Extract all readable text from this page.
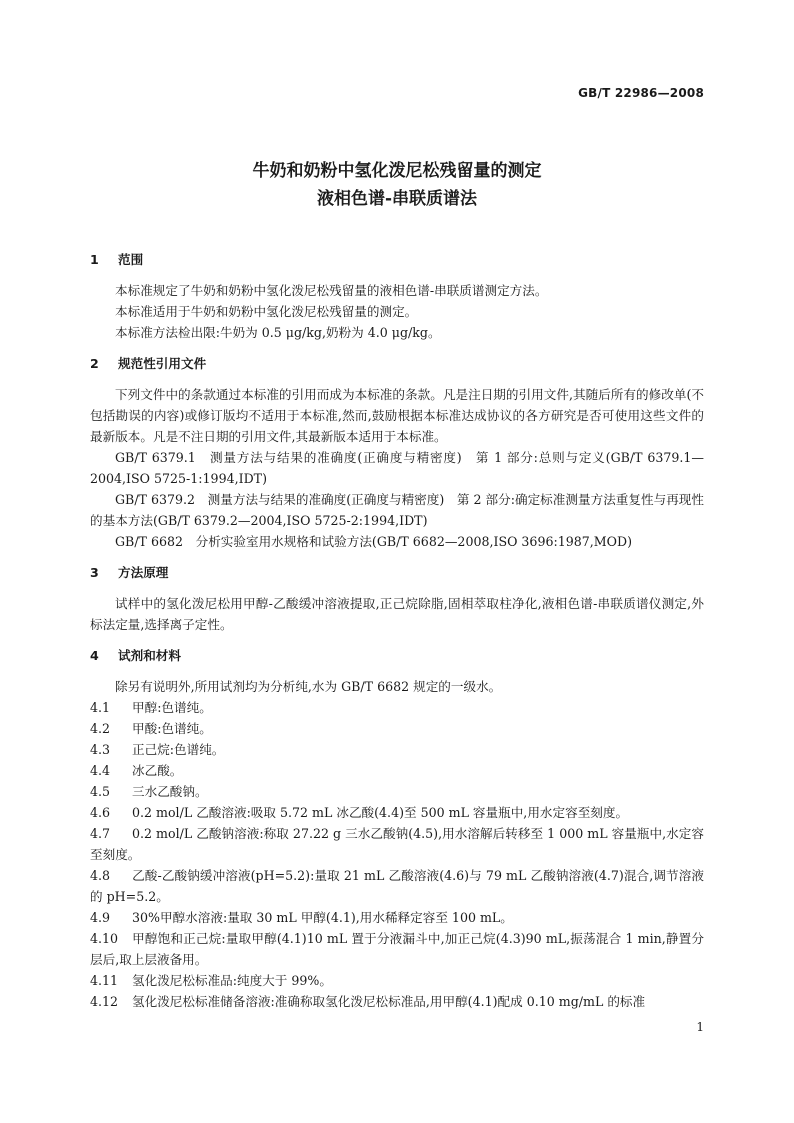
GB/T 22986—2008
牛奶和奶粉中氢化泼尼松残留量的测定
液相色谱-串联质谱法
1 范围

本标准规定了牛奶和奶粉中氢化泼尼松残留量的液相色谱-串联质谱测定方法。

本标准适用于牛奶和奶粉中氢化泼尼松残留量的测定。

本标准方法检出限:牛奶为 0.5 μg/kg,奶粉为 4.0 μg/kg。

2 规范性引用文件

下列文件中的条款通过本标准的引用而成为本标准的条款。凡是注日期的引用文件,其随后所有的修改单(不包括勘误的内容)或修订版均不适用于本标准,然而,鼓励根据本标准达成协议的各方研究是否可使用这些文件的最新版本。凡是不注日期的引用文件,其最新版本适用于本标准。

GB/T 6379.1　测量方法与结果的准确度(正确度与精密度)　第 1 部分:总则与定义(GB/T 6379.1—2004,ISO 5725-1:1994,IDT)

GB/T 6379.2　测量方法与结果的准确度(正确度与精密度)　第 2 部分:确定标准测量方法重复性与再现性的基本方法(GB/T 6379.2—2004,ISO 5725-2:1994,IDT)

GB/T 6682　分析实验室用水规格和试验方法(GB/T 6682—2008,ISO 3696:1987,MOD)

3 方法原理

试样中的氢化泼尼松用甲醇-乙酸缓冲溶液提取,正己烷除脂,固相萃取柱净化,液相色谱-串联质谱仪测定,外标法定量,选择离子定性。

4 试剂和材料

除另有说明外,所用试剂均为分析纯,水为 GB/T 6682 规定的一级水。

4.1 甲醇:色谱纯。

4.2 甲酸:色谱纯。

4.3 正己烷:色谱纯。

4.4 冰乙酸。

4.5 三水乙酸钠。

4.6 0.2 mol/L 乙酸溶液:吸取 5.72 mL 冰乙酸(4.4)至 500 mL 容量瓶中,用水定容至刻度。

4.7 0.2 mol/L 乙酸钠溶液:称取 27.22 g 三水乙酸钠(4.5),用水溶解后转移至 1 000 mL 容量瓶中,水定容至刻度。

4.8 乙酸-乙酸钠缓冲溶液(pH=5.2):量取 21 mL 乙酸溶液(4.6)与 79 mL 乙酸钠溶液(4.7)混合,调节溶液的 pH=5.2。

4.9 30%甲醇水溶液:量取 30 mL 甲醇(4.1),用水稀释定容至 100 mL。

4.10 甲醇饱和正己烷:量取甲醇(4.1)10 mL 置于分液漏斗中,加正己烷(4.3)90 mL,振荡混合 1 min,静置分层后,取上层液备用。

4.11 氢化泼尼松标准品:纯度大于 99%。

4.12 氢化泼尼松标准储备溶液:准确称取氢化泼尼松标准品,用甲醇(4.1)配成 0.10 mg/mL 的标准

1
